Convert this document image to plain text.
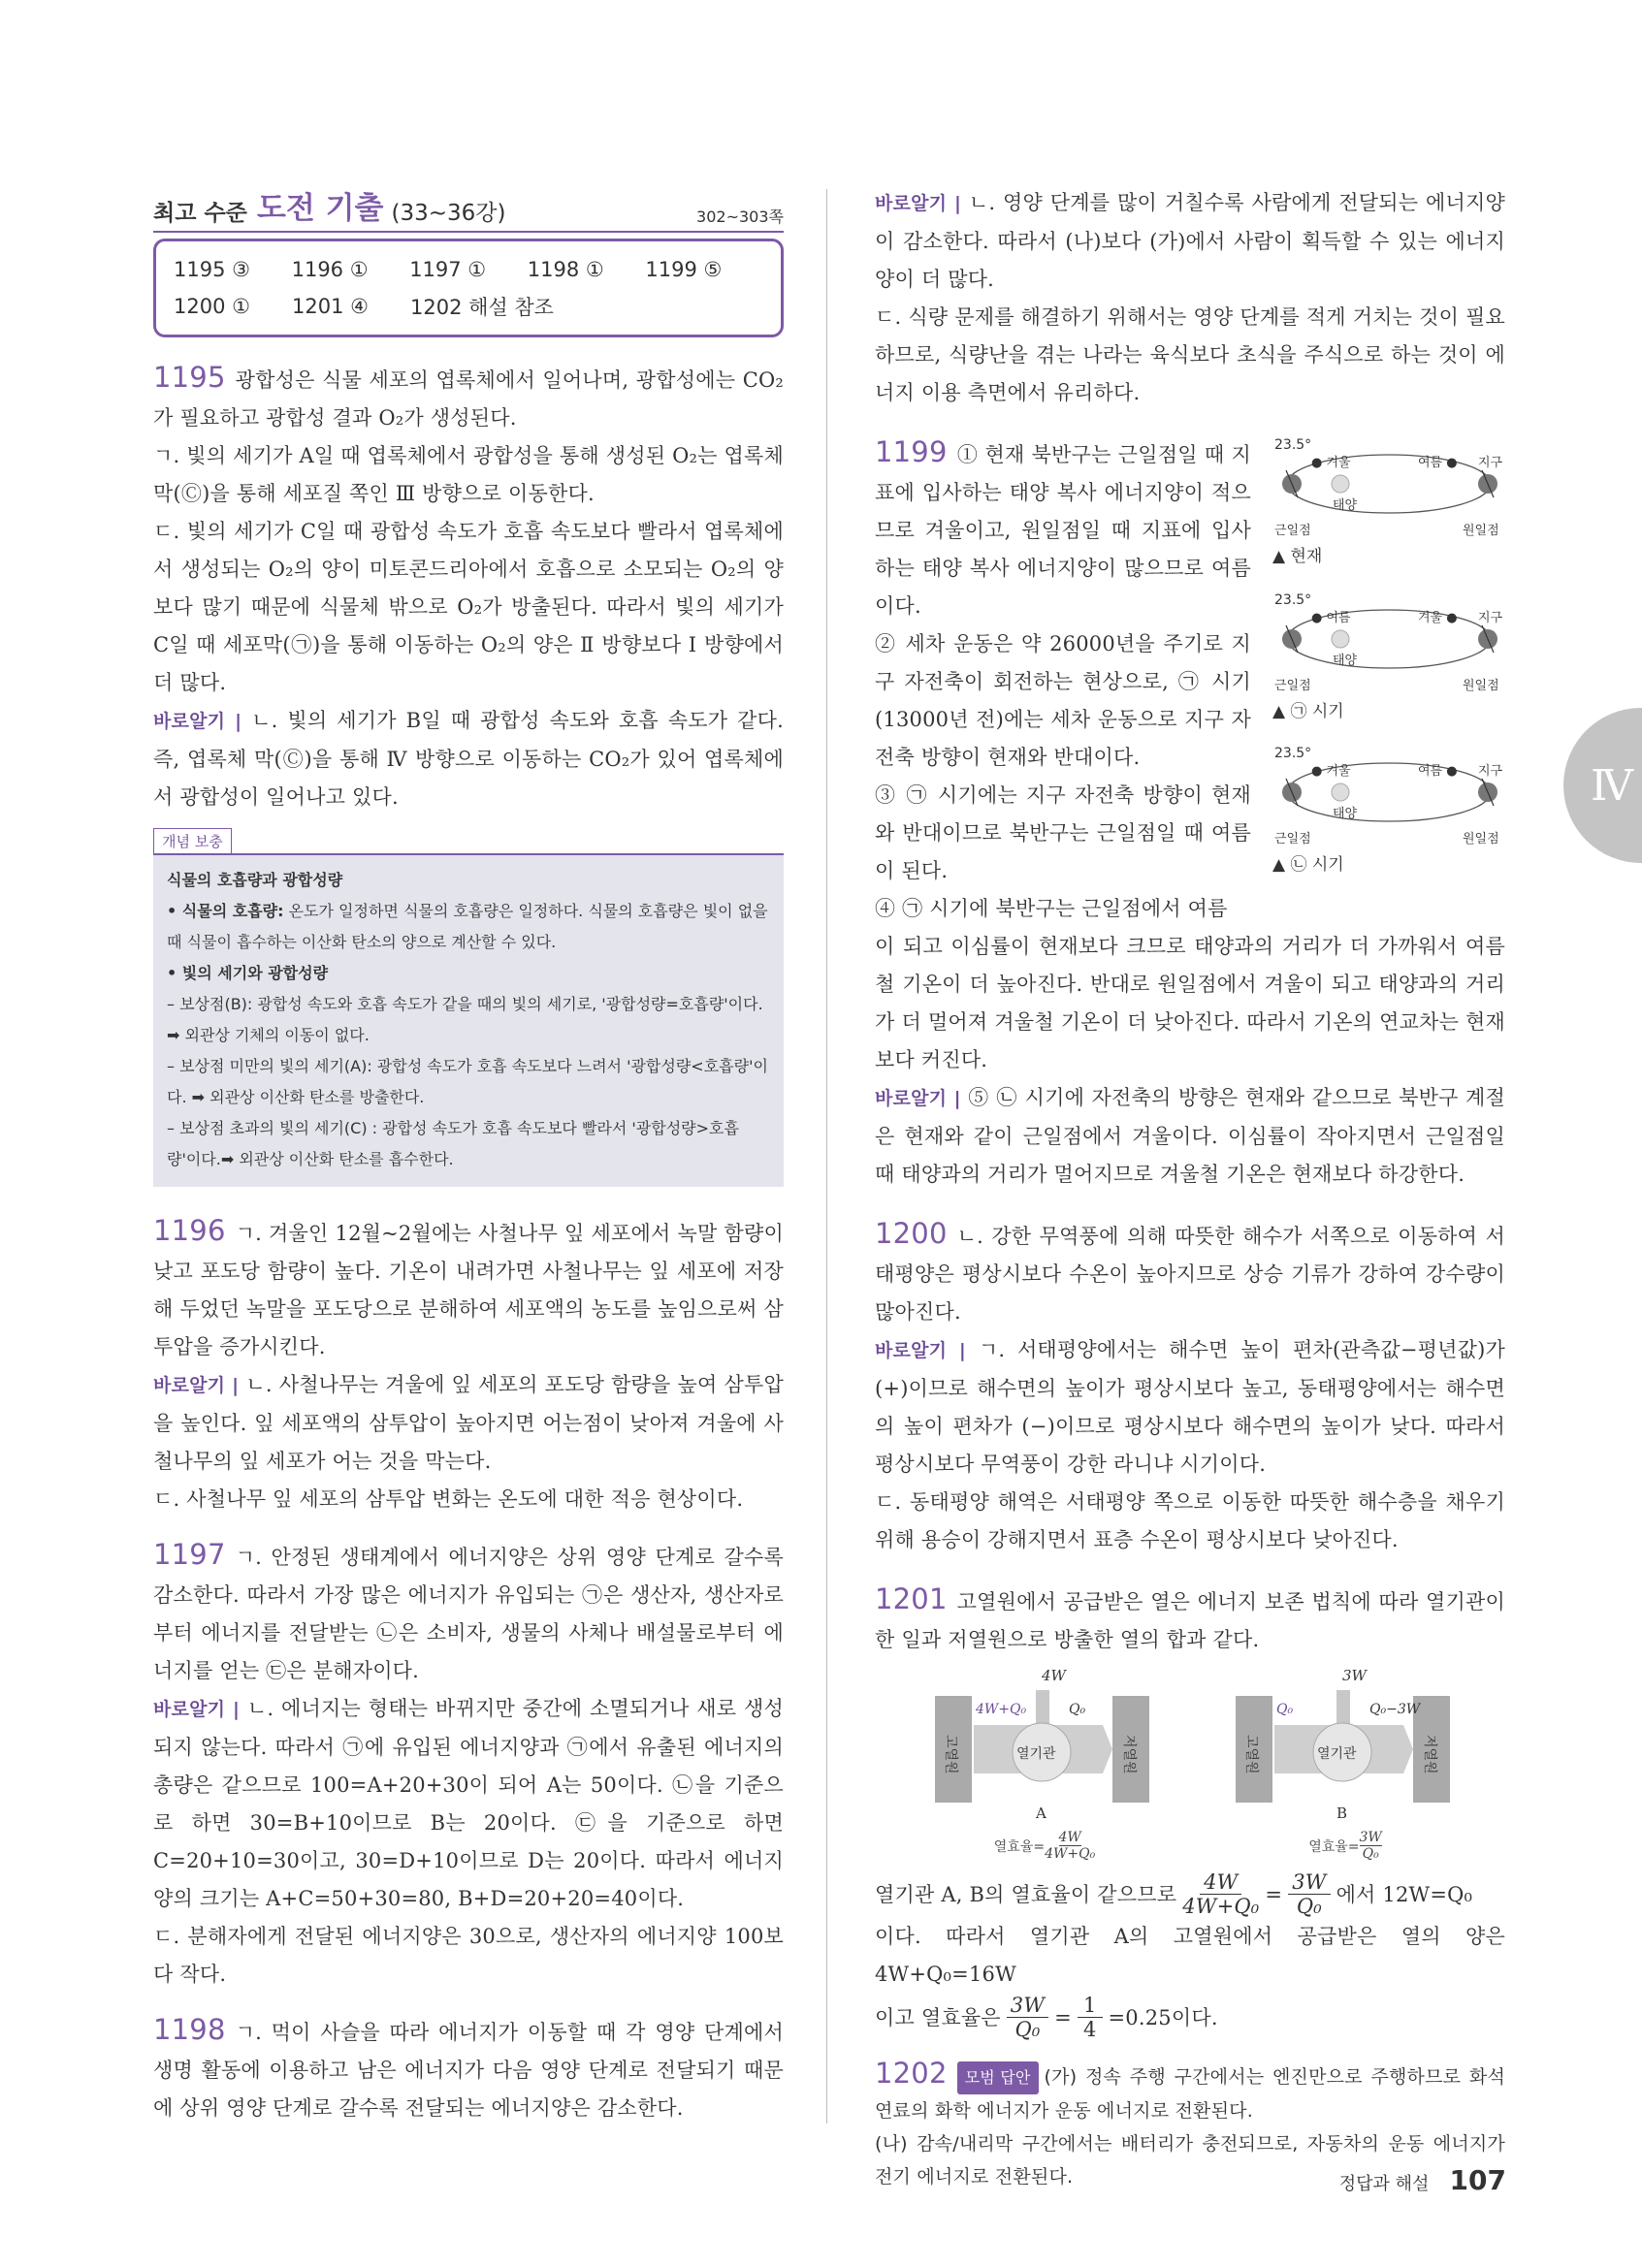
최고 수준 도전 기출 (33~36강)	302~303쪽
1195 ③	1196 ①	1197 ①	1198 ①	1199 ⑤
1200 ①	1201 ④	1202 해설 참조

1195 광합성은 식물 세포의 엽록체에서 일어나며, 광합성에는 CO₂가 필요하고 광합성 결과 O₂가 생성된다.

ㄱ. 빛의 세기가 A일 때 엽록체에서 광합성을 통해 생성된 O₂는 엽록체 막(Ⓒ)을 통해 세포질 쪽인 Ⅲ 방향으로 이동한다.

ㄷ. 빛의 세기가 C일 때 광합성 속도가 호흡 속도보다 빨라서 엽록체에서 생성되는 O₂의 양이 미토콘드리아에서 호흡으로 소모되는 O₂의 양보다 많기 때문에 식물체 밖으로 O₂가 방출된다. 따라서 빛의 세기가 C일 때 세포막(㉠)을 통해 이동하는 O₂의 양은 Ⅱ 방향보다 Ⅰ 방향에서 더 많다.

바로알기 | ㄴ. 빛의 세기가 B일 때 광합성 속도와 호흡 속도가 같다. 즉, 엽록체 막(Ⓒ)을 통해 Ⅳ 방향으로 이동하는 CO₂가 있어 엽록체에서 광합성이 일어나고 있다.

개념 보충
식물의 호흡량과 광합성량
• 식물의 호흡량: 온도가 일정하면 식물의 호흡량은 일정하다. 식물의 호흡량은 빛이 없을 때 식물이 흡수하는 이산화 탄소의 양으로 계산할 수 있다.
• 빛의 세기와 광합성량
– 보상점(B): 광합성 속도와 호흡 속도가 같을 때의 빛의 세기로, '광합성량=호흡량'이다. ➡ 외관상 기체의 이동이 없다.
– 보상점 미만의 빛의 세기(A): 광합성 속도가 호흡 속도보다 느려서 '광합성량<호흡량'이다. ➡ 외관상 이산화 탄소를 방출한다.
– 보상점 초과의 빛의 세기(C) : 광합성 속도가 호흡 속도보다 빨라서 '광합성량>호흡량'이다.➡ 외관상 이산화 탄소를 흡수한다.

1196 ㄱ. 겨울인 12월~2월에는 사철나무 잎 세포에서 녹말 함량이 낮고 포도당 함량이 높다. 기온이 내려가면 사철나무는 잎 세포에 저장해 두었던 녹말을 포도당으로 분해하여 세포액의 농도를 높임으로써 삼투압을 증가시킨다.

바로알기 | ㄴ. 사철나무는 겨울에 잎 세포의 포도당 함량을 높여 삼투압을 높인다. 잎 세포액의 삼투압이 높아지면 어는점이 낮아져 겨울에 사철나무의 잎 세포가 어는 것을 막는다.

ㄷ. 사철나무 잎 세포의 삼투압 변화는 온도에 대한 적응 현상이다.

1197 ㄱ. 안정된 생태계에서 에너지양은 상위 영양 단계로 갈수록 감소한다. 따라서 가장 많은 에너지가 유입되는 ㉠은 생산자, 생산자로부터 에너지를 전달받는 ㉡은 소비자, 생물의 사체나 배설물로부터 에너지를 얻는 ㉢은 분해자이다.

바로알기 | ㄴ. 에너지는 형태는 바뀌지만 중간에 소멸되거나 새로 생성되지 않는다. 따라서 ㉠에 유입된 에너지양과 ㉠에서 유출된 에너지의 총량은 같으므로 100=A+20+30이 되어 A는 50이다. ㉡을 기준으로 하면 30=B+10이므로 B는 20이다. ㉢을 기준으로 하면 C=20+10=30이고, 30=D+10이므로 D는 20이다. 따라서 에너지양의 크기는 A+C=50+30=80, B+D=20+20=40이다.

ㄷ. 분해자에게 전달된 에너지양은 30으로, 생산자의 에너지양 100보다 작다.

1198 ㄱ. 먹이 사슬을 따라 에너지가 이동할 때 각 영양 단계에서 생명 활동에 이용하고 남은 에너지가 다음 영양 단계로 전달되기 때문에 상위 영양 단계로 갈수록 전달되는 에너지양은 감소한다.

바로알기 | ㄴ. 영양 단계를 많이 거칠수록 사람에게 전달되는 에너지양이 감소한다. 따라서 (나)보다 (가)에서 사람이 획득할 수 있는 에너지양이 더 많다.

ㄷ. 식량 문제를 해결하기 위해서는 영양 단계를 적게 거치는 것이 필요하므로, 식량난을 겪는 나라는 육식보다 초식을 주식으로 하는 것이 에너지 이용 측면에서 유리하다.

1199 ① 현재 북반구는 근일점일 때 지표에 입사하는 태양 복사 에너지양이 적으므로 겨울이고, 원일점일 때 지표에 입사하는 태양 복사 에너지양이 많으므로 여름이다.

② 세차 운동은 약 26000년을 주기로 지구 자전축이 회전하는 현상으로, ㉠ 시기(13000년 전)에는 세차 운동으로 지구 자전축 방향이 현재와 반대이다.

③ ㉠ 시기에는 지구 자전축 방향이 현재와 반대이므로 북반구는 근일점일 때 여름이 된다.

④ ㉠ 시기에 북반구는 근일점에서 여름

이 되고 이심률이 현재보다 크므로 태양과의 거리가 더 가까워서 여름철 기온이 더 높아진다. 반대로 원일점에서 겨울이 되고 태양과의 거리가 더 멀어져 겨울철 기온이 더 낮아진다. 따라서 기온의 연교차는 현재보다 커진다.

바로알기 | ⑤ ㉡ 시기에 자전축의 방향은 현재와 같으므로 북반구 계절은 현재와 같이 근일점에서 겨울이다. 이심률이 작아지면서 근일점일 때 태양과의 거리가 멀어지므로 겨울철 기온은 현재보다 하강한다.

23.5°
● 겨울	여름 ● 지구
태양
근일점	원일점
▲ 현재
23.5°
● 여름	겨울 ● 지구
태양
근일점	원일점
▲ ㉠ 시기
23.5°
● 겨울	여름 ● 지구
태양
근일점	원일점
▲ ㉡ 시기

1200 ㄴ. 강한 무역풍에 의해 따뜻한 해수가 서쪽으로 이동하여 서태평양은 평상시보다 수온이 높아지므로 상승 기류가 강하여 강수량이 많아진다.

바로알기 | ㄱ. 서태평양에서는 해수면 높이 편차(관측값−평년값)가 (+)이므로 해수면의 높이가 평상시보다 높고, 동태평양에서는 해수면의 높이 편차가 (−)이므로 평상시보다 해수면의 높이가 낮다. 따라서 평상시보다 무역풍이 강한 라니냐 시기이다.

ㄷ. 동태평양 해역은 서태평양 쪽으로 이동한 따뜻한 해수층을 채우기 위해 용승이 강해지면서 표층 수온이 평상시보다 낮아진다.

1201 고열원에서 공급받은 열은 에너지 보존 법칙에 따라 열기관이 한 일과 저열원으로 방출한 열의 합과 같다.

4W
고열원	저열원
열기관
4W+Q₀	Q₀
A
열효율= $\frac{4W}{\text{4W+Q₀}}$
3W
고열원	저열원
열기관
Q₀	Q₀−3W
B
열효율= $\frac{3W}{\text{Q₀}}$

열기관 A, B의 열효율이 같으므로 $\frac{4W}{\text{4W+Q₀}} = \frac{3W}{\text{Q₀}}$ 에서 12W=Q₀

이다. 따라서 열기관 A의 고열원에서 공급받은 열의 양은 4W+Q₀=16W

이고 열효율은 $\frac{3W}{\text{Q₀}} = \frac{1}{4} =0.25$이다.

1202 모범 답안 (가) 정속 주행 구간에서는 엔진만으로 주행하므로 화석 연료의 화학 에너지가 운동 에너지로 전환된다.

(나) 감속/내리막 구간에서는 배터리가 충전되므로, 자동차의 운동 에너지가 전기 에너지로 전환된다.

Ⅳ
정답과 해설 107
